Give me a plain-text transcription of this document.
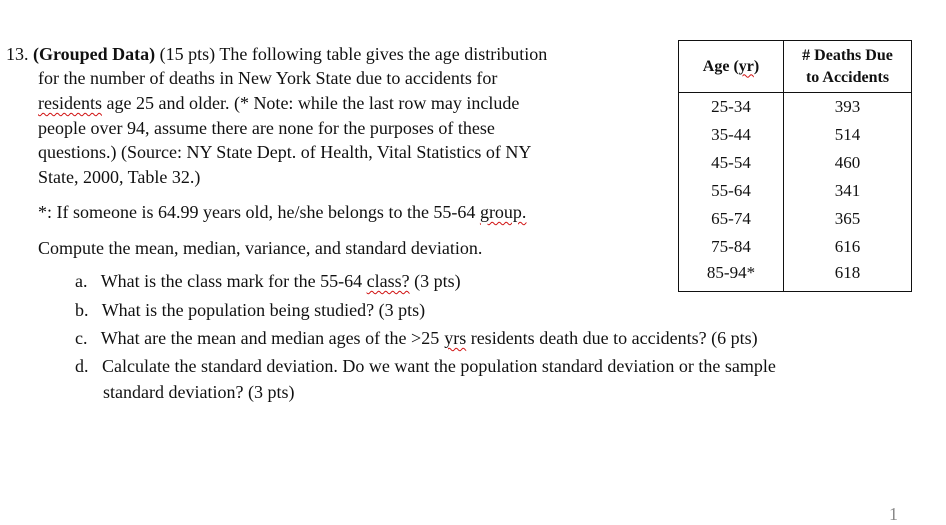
13. (Grouped Data) (15 pts) The following table gives the age distribution
for the number of deaths in New York State due to accidents for
residents age 25 and older. (* Note: while the last row may include
people over 94, assume there are none for the purposes of these
questions.) (Source: NY State Dept. of Health, Vital Statistics of NY
State, 2000, Table 32.)
*: If someone is 64.99 years old, he/she belongs to the 55-64 group.
Compute the mean, median, variance, and standard deviation.
a. What is the class mark for the 55-64 class? (3 pts)
b. What is the population being studied? (3 pts)
c. What are the mean and median ages of the >25 yrs residents death due to accidents? (6 pts)
d. Calculate the standard deviation. Do we want the population standard deviation or the sample
standard deviation? (3 pts)
Age (yr)	# Deaths Due
to Accidents
25-34	393
35-44	514
45-54	460
55-64	341
65-74	365
75-84	616
85-94*	618
1
